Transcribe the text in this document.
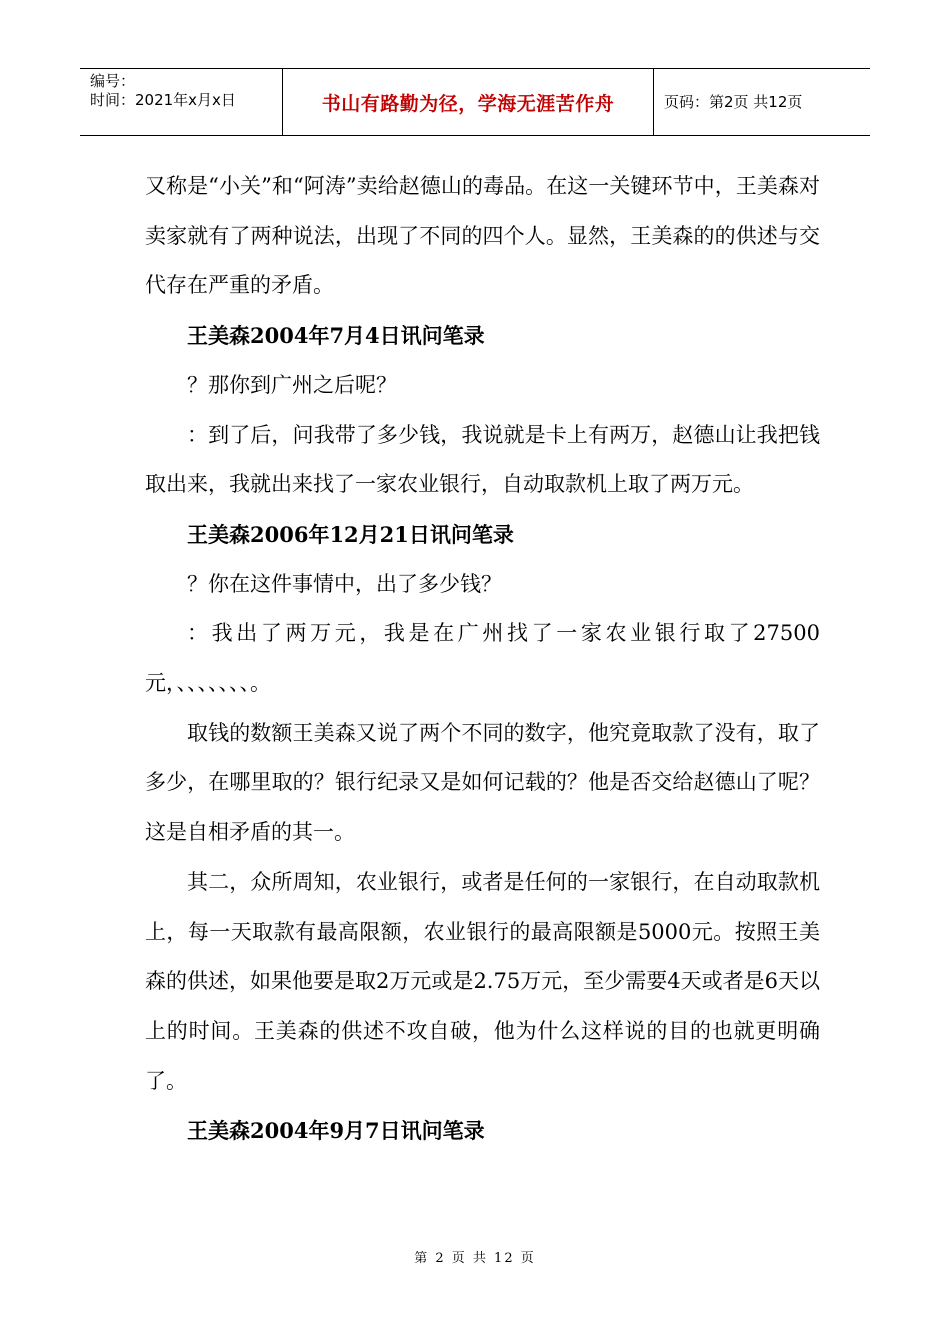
编号：
时间：2021年x月x日	书山有路勤为径，学海无涯苦作舟	页码：第2页 共12页

又称是“小关”和“阿涛”卖给赵德山的毒品。在这一关键环节中，王美森对卖家就有了两种说法，出现了不同的四个人。显然，王美森的的供述与交代存在严重的矛盾。

王美森2004年7月4日讯问笔录

？那你到广州之后呢？

：到了后，问我带了多少钱，我说就是卡上有两万，赵德山让我把钱取出来，我就出来找了一家农业银行，自动取款机上取了两万元。

王美森2006年12月21日讯问笔录

？你在这件事情中，出了多少钱？

：我出了两万元，我是在广州找了一家农业银行取了27500元，、、、、、、、。

取钱的数额王美森又说了两个不同的数字，他究竟取款了没有，取了多少，在哪里取的？银行纪录又是如何记载的？他是否交给赵德山了呢？这是自相矛盾的其一。

其二，众所周知，农业银行，或者是任何的一家银行，在自动取款机上，每一天取款有最高限额，农业银行的最高限额是5000元。按照王美森的供述，如果他要是取2万元或是2.75万元，至少需要4天或者是6天以上的时间。王美森的供述不攻自破，他为什么这样说的目的也就更明确了。

王美森2004年9月7日讯问笔录

第 2 页 共 12 页
